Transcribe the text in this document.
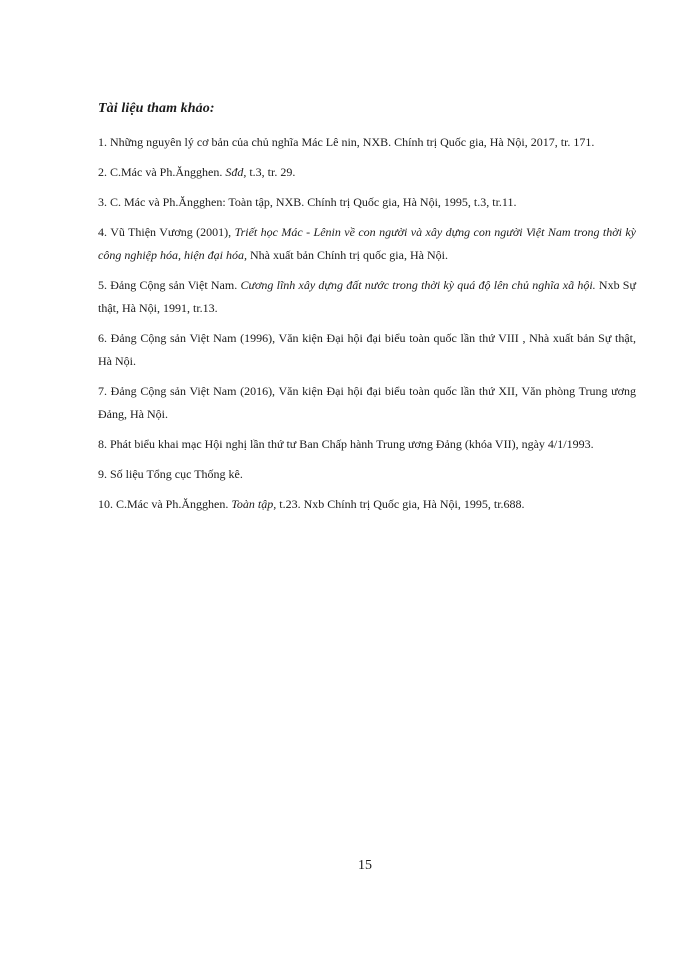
Tài liệu tham khảo:
1. Những nguyên lý cơ bản của chủ nghĩa Mác Lê nin, NXB. Chính trị Quốc gia, Hà Nội, 2017, tr. 171.
2. C.Mác và Ph.Ăngghen. Sđd, t.3, tr. 29.
3. C. Mác và Ph.Ăngghen: Toàn tập, NXB. Chính trị Quốc gia, Hà Nội, 1995, t.3, tr.11.
4. Vũ Thiện Vương (2001), Triết học Mác - Lênin về con người và xây dựng con người Việt Nam trong thời kỳ công nghiệp hóa, hiện đại hóa, Nhà xuất bản Chính trị quốc gia, Hà Nội.
5. Đảng Cộng sản Việt Nam. Cương lĩnh xây dựng đất nước trong thời kỳ quá độ lên chủ nghĩa xã hội. Nxb Sự thật, Hà Nội, 1991, tr.13.
6. Đảng Cộng sản Việt Nam (1996), Văn kiện Đại hội đại biểu toàn quốc lần thứ VIII , Nhà xuất bản Sự thật, Hà Nội.
7. Đảng Cộng sản Việt Nam (2016), Văn kiện Đại hội đại biểu toàn quốc lần thứ XII, Văn phòng Trung ương Đảng, Hà Nội.
8. Phát biểu khai mạc Hội nghị lần thứ tư Ban Chấp hành Trung ương Đảng (khóa VII), ngày 4/1/1993.
9. Số liệu Tổng cục Thống kê.
10. C.Mác và Ph.Ăngghen. Toàn tập, t.23. Nxb Chính trị Quốc gia, Hà Nội, 1995, tr.688.
15
